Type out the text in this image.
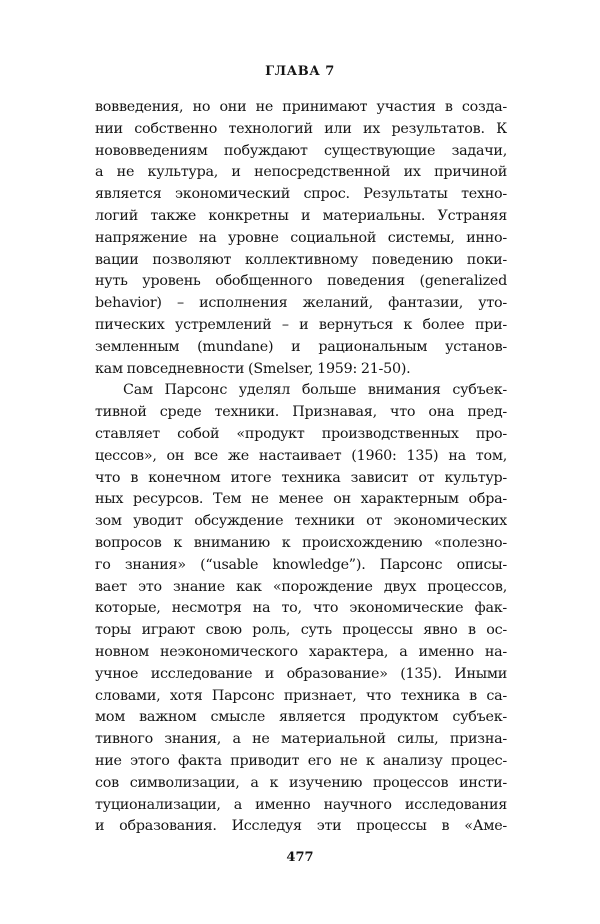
ГЛАВА 7
вовведения, но они не принимают участия в созда-
нии собственно технологий или их результатов. К
нововведениям побуждают существующие задачи,
а не культура, и непосредственной их причиной
является экономический спрос. Результаты техно-
логий также конкретны и материальны. Устраняя
напряжение на уровне социальной системы, инно-
вации позволяют коллективному поведению поки-
нуть уровень обобщенного поведения (generalized
behavior) – исполнения желаний, фантазии, уто-
пических устремлений – и вернуться к более при-
земленным (mundane) и рациональным установ-
кам повседневности (Smelser, 1959: 21-50).
Сам Парсонс уделял больше внимания субъек-
тивной среде техники. Признавая, что она пред-
ставляет собой «продукт производственных про-
цессов», он все же настаивает (1960: 135) на том,
что в конечном итоге техника зависит от культур-
ных ресурсов. Тем не менее он характерным обра-
зом уводит обсуждение техники от экономических
вопросов к вниманию к происхождению «полезно-
го знания» (“usable knowledge”). Парсонс описы-
вает это знание как «порождение двух процессов,
которые, несмотря на то, что экономические фак-
торы играют свою роль, суть процессы явно в ос-
новном неэкономического характера, а именно на-
учное исследование и образование» (135). Иными
словами, хотя Парсонс признает, что техника в са-
мом важном смысле является продуктом субъек-
тивного знания, а не материальной силы, призна-
ние этого факта приводит его не к анализу процес-
сов символизации, а к изучению процессов инсти-
туционализации, а именно научного исследования
и образования. Исследуя эти процессы в «Аме-
477
